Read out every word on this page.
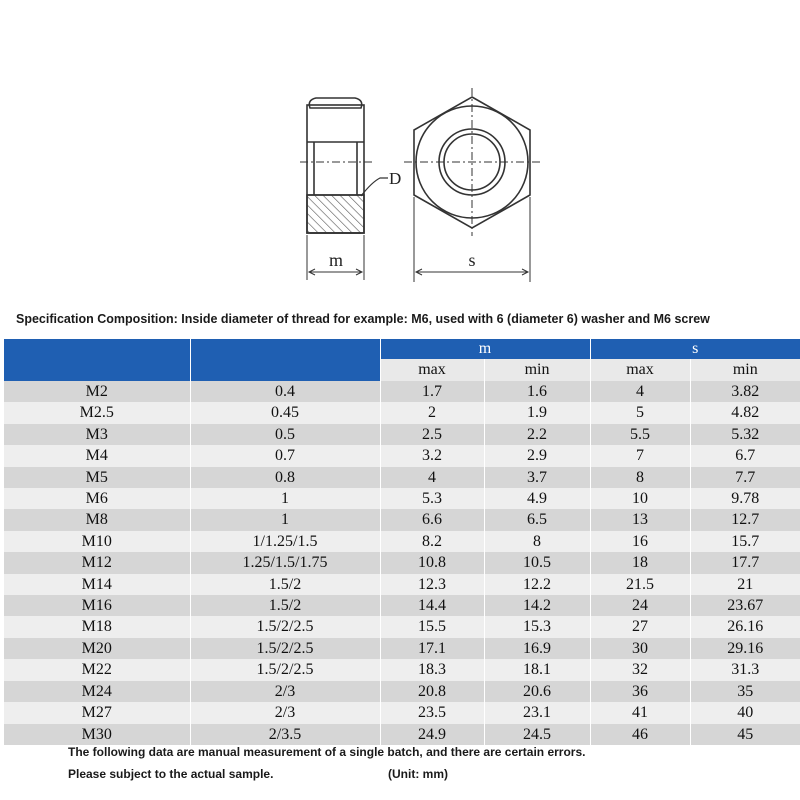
m	s
D
Specification Composition: Inside diameter of thread for example: M6, used with 6 (diameter 6) washer and M6 screw
		m		s	
		max	min	max	min
M2	0.4	1.7	1.6	4	3.82
M2.5	0.45	2	1.9	5	4.82
M3	0.5	2.5	2.2	5.5	5.32
M4	0.7	3.2	2.9	7	6.7
M5	0.8	4	3.7	8	7.7
M6	1	5.3	4.9	10	9.78
M8	1	6.6	6.5	13	12.7
M10	1/1.25/1.5	8.2	8	16	15.7
M12	1.25/1.5/1.75	10.8	10.5	18	17.7
M14	1.5/2	12.3	12.2	21.5	21
M16	1.5/2	14.4	14.2	24	23.67
M18	1.5/2/2.5	15.5	15.3	27	26.16
M20	1.5/2/2.5	17.1	16.9	30	29.16
M22	1.5/2/2.5	18.3	18.1	32	31.3
M24	2/3	20.8	20.6	36	35
M27	2/3	23.5	23.1	41	40
M30	2/3.5	24.9	24.5	46	45
The following data are manual measurement of a single batch, and there are certain errors.
Please subject to the actual sample.	(Unit: mm)
